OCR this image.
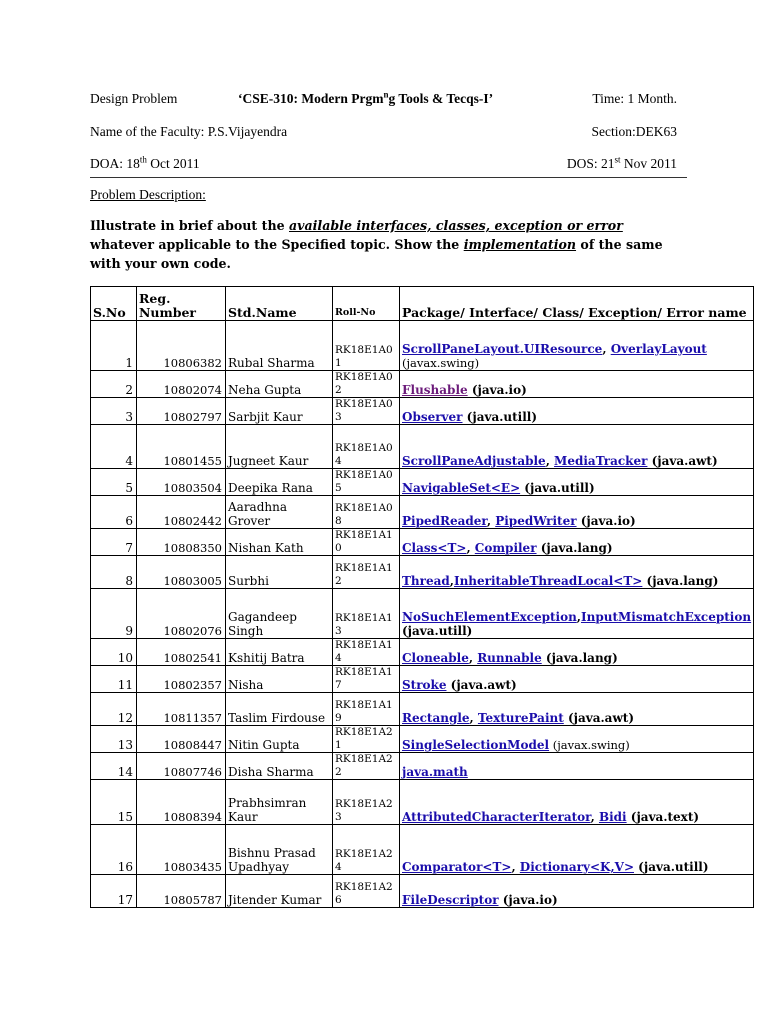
Design Problem	‘CSE-310: Modern Prgm$^n$g Tools & Tecqs-I’	Time: 1 Month.
Name of the Faculty: P.S.Vijayendra	Section:DEK63
DOA: 18th Oct 2011	DOS: 21st Nov 2011
Problem Description:
Illustrate in brief about the available interfaces, classes, exception or error whatever applicable to the Specified topic. Show the implementation of the same with your own code.
S.No	Reg. Number	Std.Name	Roll-No	Package/ Interface/ Class/ Exception/ Error name
1	10806382	Rubal Sharma	RK18E1A01	ScrollPaneLayout.UIResource, OverlayLayout (javax.swing)
2	10802074	Neha Gupta	RK18E1A02	Flushable (java.io)
3	10802797	Sarbjit Kaur	RK18E1A03	Observer (java.utill)
4	10801455	Jugneet Kaur	RK18E1A04	ScrollPaneAdjustable, MediaTracker (java.awt)
5	10803504	Deepika Rana	RK18E1A05	NavigableSet<E> (java.utill)
6	10802442	Aaradhna Grover	RK18E1A08	PipedReader, PipedWriter (java.io)
7	10808350	Nishan Kath	RK18E1A10	Class<T>, Compiler (java.lang)
8	10803005	Surbhi	RK18E1A12	Thread,InheritableThreadLocal<T> (java.lang)
9	10802076	Gagandeep Singh	RK18E1A13	NoSuchElementException,InputMismatchException (java.utill)
10	10802541	Kshitij Batra	RK18E1A14	Cloneable, Runnable (java.lang)
11	10802357	Nisha	RK18E1A17	Stroke (java.awt)
12	10811357	Taslim Firdouse	RK18E1A19	Rectangle, TexturePaint (java.awt)
13	10808447	Nitin Gupta	RK18E1A21	SingleSelectionModel (javax.swing)
14	10807746	Disha Sharma	RK18E1A22	java.math
15	10808394	Prabhsimran Kaur	RK18E1A23	AttributedCharacterIterator, Bidi (java.text)
16	10803435	Bishnu Prasad Upadhyay	RK18E1A24	Comparator<T>, Dictionary<K,V> (java.utill)
17	10805787	Jitender Kumar	RK18E1A26	FileDescriptor (java.io)
